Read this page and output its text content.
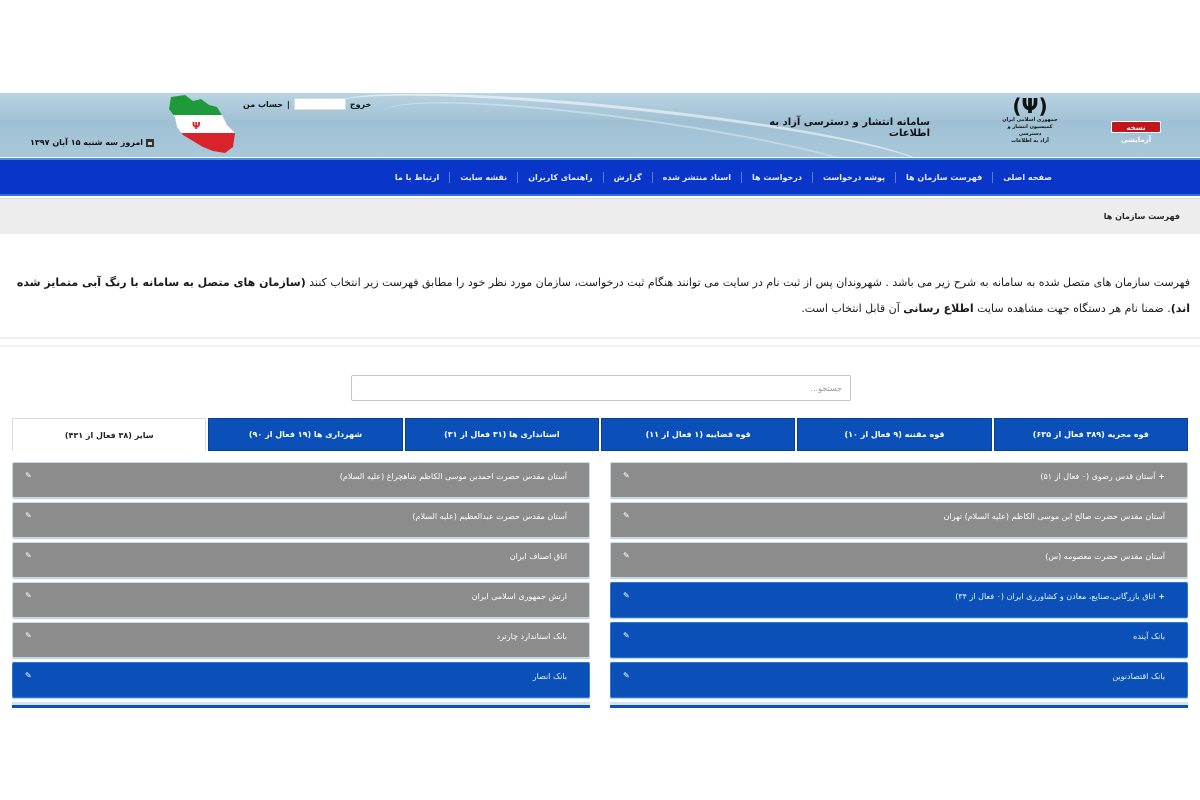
نسخه آزمایشی
(Ψ)
جمهوری اسلامی ایران
کمیسیون انتشار و دسترسی
آزاد به اطلاعات
سامانه انتشار و دسترسی آزاد به اطلاعات
Ψ
خروج
|
حساب من
امروز سه شنبه ۱۵ آبان ۱۳۹۷
صفحه اصلی
فهرست سازمان ها
پوشه درخواست
درخواست ها
اسناد منتشر شده
گزارش
راهنمای کاربران
نقشه سایت
ارتباط با ما
فهرست سازمان ها
فهرست سازمان های متصل شده به سامانه به شرح زیر می باشد . شهروندان پس از ثبت نام در سایت می توانند هنگام ثبت درخواست، سازمان مورد نظر خود را مطابق فهرست زیر انتخاب کنند (سازمان های متصل به سامانه با رنگ آبی متمایز شده اند). ضمنا نام هر دستگاه جهت مشاهده سایت اطلاع رسانی آن قابل انتخاب است.
جستجو...
قوه مجریه (۳۸۹ فعال از ۶۳۵)
قوه مقننه (۹ فعال از ۱۰)
قوه قضاییه (۱ فعال از ۱۱)
استانداری ها (۳۱ فعال از ۳۱)
شهرداری ها (۱۹ فعال از ۹۰)
سایر (۳۸ فعال از ۴۳۱)
+آستان قدس رضوی (۰ فعال از ۵۱)
✎
آستان مقدس حضرت صالح ابن موسی الکاظم (علیه السلام) تهران
✎
آستان مقدس حضرت معصومه (س)
✎
+اتاق بازرگانی،صنایع، معادن و کشاورزی ایران (۰ فعال از ۳۴)
✎
بانک آینده
✎
بانک اقتصادنوین
✎
آستان مقدس حضرت احمدبن موسی الکاظم شاهچراغ (علیه السلام)
✎
آستان مقدس حضرت عبدالعظیم (علیه السلام)
✎
اتاق اصناف ایران
✎
ارتش جمهوری اسلامی ایران
✎
بانک استاندارد چارترد
✎
بانک انصار
✎
